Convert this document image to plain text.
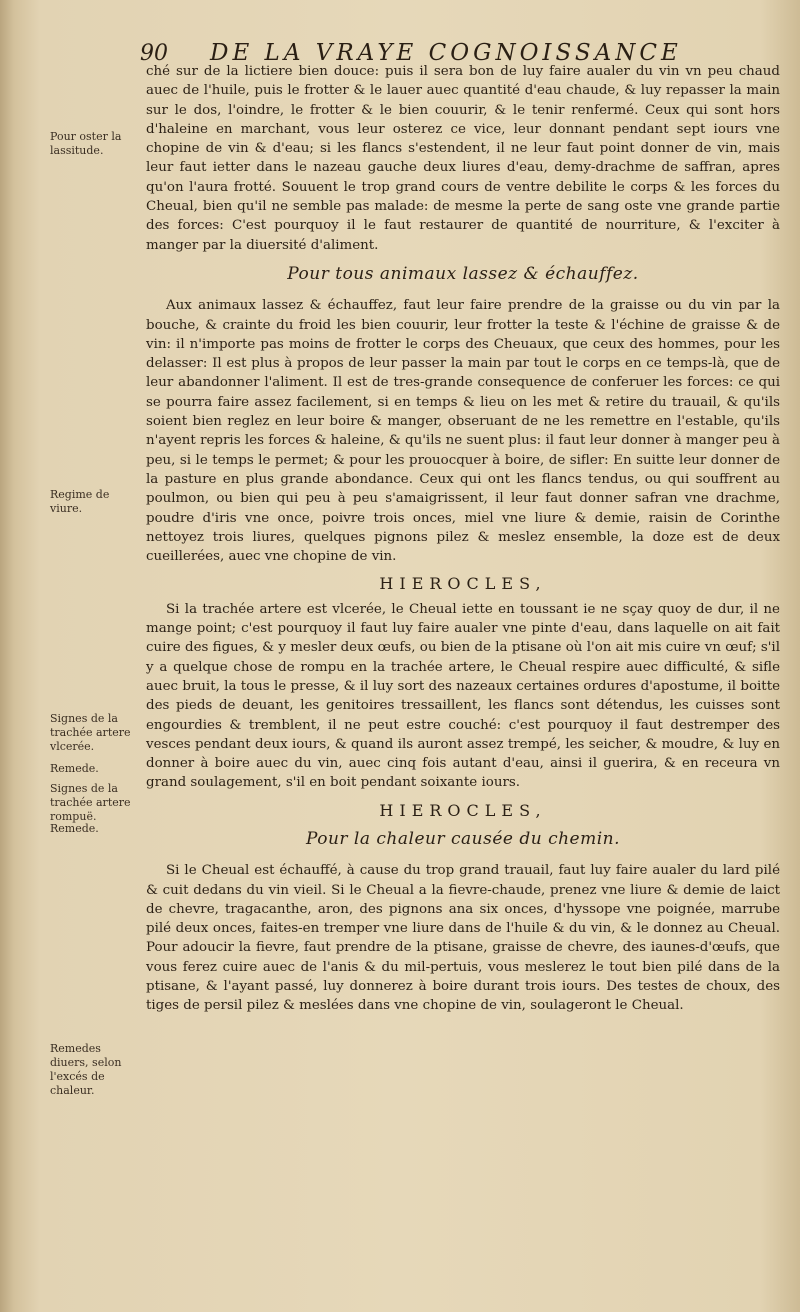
90	DE LA VRAYE COGNOISSANCE
Pour oster la lassitude.
Regime de viure.
Signes de la trachée artere vlcerée.
Remede.
Signes de la trachée artere rompuë.
Remede.
Remedes diuers, selon l'excés de chaleur.

ché sur de la lictiere bien douce: puis il sera bon de luy faire aualer du vin vn peu chaud auec de l'huile, puis le frotter & le lauer auec quantité d'eau chaude, & luy repasser la main sur le dos, l'oindre, le frotter & le bien couurir, & le tenir renfermé. Ceux qui sont hors d'haleine en marchant, vous leur osterez ce vice, leur donnant pendant sept iours vne chopine de vin & d'eau; si les flancs s'estendent, il ne leur faut point donner de vin, mais leur faut ietter dans le nazeau gauche deux liures d'eau, demy-drachme de saffran, apres qu'on l'aura frotté. Souuent le trop grand cours de ventre debilite le corps & les forces du Cheual, bien qu'il ne semble pas malade: de mesme la perte de sang oste vne grande partie des forces: C'est pourquoy il le faut restaurer de quantité de nourriture, & l'exciter à manger par la diuersité d'aliment.

Pour tous animaux lassez & échauffez.

Aux animaux lassez & échauffez, faut leur faire prendre de la graisse ou du vin par la bouche, & crainte du froid les bien couurir, leur frotter la teste & l'échine de graisse & de vin: il n'importe pas moins de frotter le corps des Cheuaux, que ceux des hommes, pour les delasser: Il est plus à propos de leur passer la main par tout le corps en ce temps-là, que de leur abandonner l'aliment. Il est de tres-grande consequence de conferuer les forces: ce qui se pourra faire assez facilement, si en temps & lieu on les met & retire du trauail, & qu'ils soient bien reglez en leur boire & manger, obseruant de ne les remettre en l'estable, qu'ils n'ayent repris les forces & haleine, & qu'ils ne suent plus: il faut leur donner à manger peu à peu, si le temps le permet; & pour les prouocquer à boire, de sifler: En suitte leur donner de la pasture en plus grande abondance. Ceux qui ont les flancs tendus, ou qui souffrent au poulmon, ou bien qui peu à peu s'amaigrissent, il leur faut donner safran vne drachme, poudre d'iris vne once, poivre trois onces, miel vne liure & demie, raisin de Corinthe nettoyez trois liures, quelques pignons pilez & meslez ensemble, la doze est de deux cueillerées, auec vne chopine de vin.

HIEROCLES,

Si la trachée artere est vlcerée, le Cheual iette en toussant ie ne sçay quoy de dur, il ne mange point; c'est pourquoy il faut luy faire aualer vne pinte d'eau, dans laquelle on ait fait cuire des figues, & y mesler deux œufs, ou bien de la ptisane où l'on ait mis cuire vn œuf; s'il y a quelque chose de rompu en la trachée artere, le Cheual respire auec difficulté, & sifle auec bruit, la tous le presse, & il luy sort des nazeaux certaines ordures d'apostume, il boitte des pieds de deuant, les genitoires tressaillent, les flancs sont détendus, les cuisses sont engourdies & tremblent, il ne peut estre couché: c'est pourquoy il faut destremper des vesces pendant deux iours, & quand ils auront assez trempé, les seicher, & moudre, & luy en donner à boire auec du vin, auec cinq fois autant d'eau, ainsi il guerira, & en receura vn grand soulagement, s'il en boit pendant soixante iours.

HIEROCLES,
Pour la chaleur causée du chemin.

Si le Cheual est échauffé, à cause du trop grand trauail, faut luy faire aualer du lard pilé & cuit dedans du vin vieil. Si le Cheual a la fievre-chaude, prenez vne liure & demie de laict de chevre, tragacanthe, aron, des pignons ana six onces, d'hyssope vne poignée, marrube pilé deux onces, faites-en tremper vne liure dans de l'huile & du vin, & le donnez au Cheual. Pour adoucir la fievre, faut prendre de la ptisane, graisse de chevre, des iaunes-d'œufs, que vous ferez cuire auec de l'anis & du mil-pertuis, vous meslerez le tout bien pilé dans de la ptisane, & l'ayant passé, luy donnerez à boire durant trois iours. Des testes de choux, des tiges de persil pilez & meslées dans vne chopine de vin, soulageront le Cheual.
